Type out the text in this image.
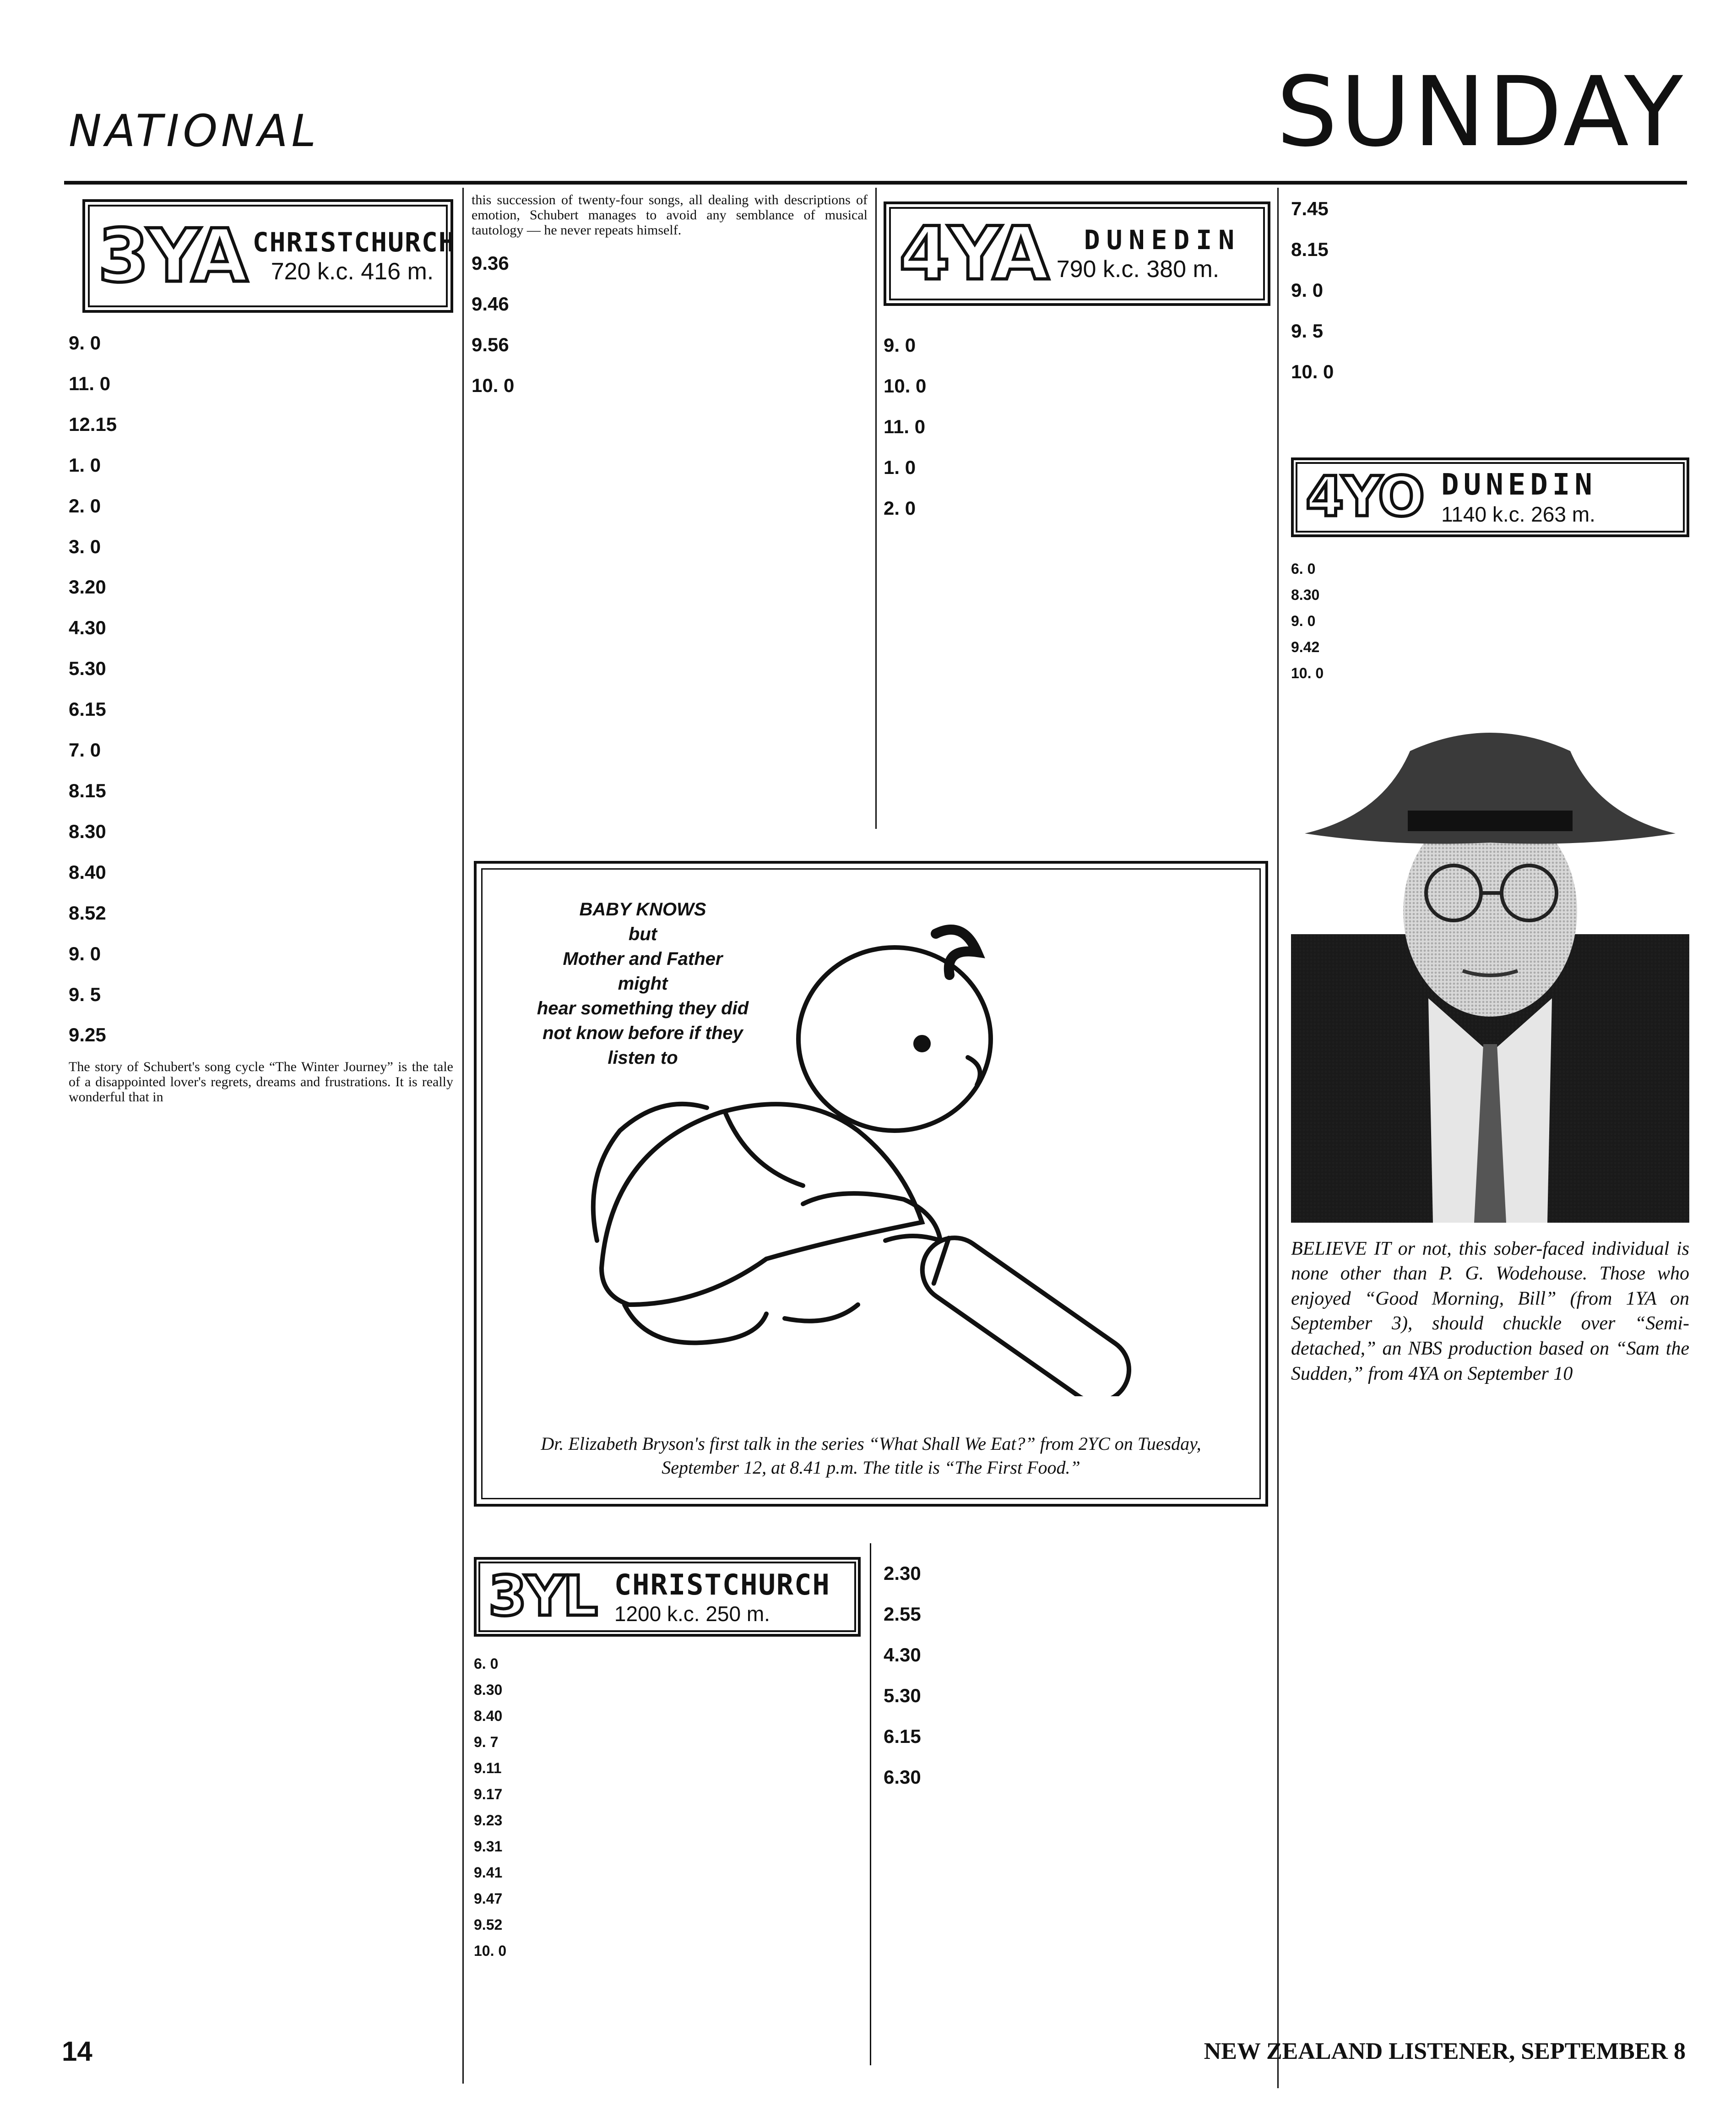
NATIONAL	SUNDAY
3YA CHRISTCHURCH
720 k.c. 416 m.
9. 0
11. 0
12.15
1. 0
2. 0
3. 0
3.20
4.30
5.30
6.15
7. 0
8.15
8.30
8.40
8.52
9. 0
9. 5
9.25
The story of Schubert's song cycle “The Winter Journey” is the tale of a disappointed lover's regrets, dreams and frustrations. It is really wonderful that in
this succession of twenty-four songs, all dealing with descriptions of emotion, Schubert manages to avoid any semblance of musical tautology — he never repeats himself.
9.36
9.46
9.56
10. 0
4YA DUNEDIN
790 k.c. 380 m.
9. 0
10. 0
11. 0
1. 0
2. 0
7.45
8.15
9. 0
9. 5
10. 0
4YO DUNEDIN
1140 k.c. 263 m.
6. 0
8.30
9. 0
9.42
10. 0
BELIEVE IT or not, this sober-faced individual is none other than P. G. Wodehouse. Those who enjoyed “Good Morning, Bill” (from 1YA on September 3), should chuckle over “Semi-detached,” an NBS production based on “Sam the Sudden,” from 4YA on September 10
BABY KNOWS
but
Mother and Father
might
hear something they did
not know before if they
listen to
Dr. Elizabeth Bryson's first talk in the series “What Shall We Eat?” from 2YC on Tuesday, September 12, at 8.41 p.m. The title is “The First Food.”
3YL CHRISTCHURCH
1200 k.c. 250 m.
6. 0
8.30
8.40
9. 7
9.11
9.17
9.23
9.31
9.41
9.47
9.52
10. 0
2.30
2.55
4.30
5.30
6.15
6.30
14	NEW ZEALAND LISTENER, SEPTEMBER 8
